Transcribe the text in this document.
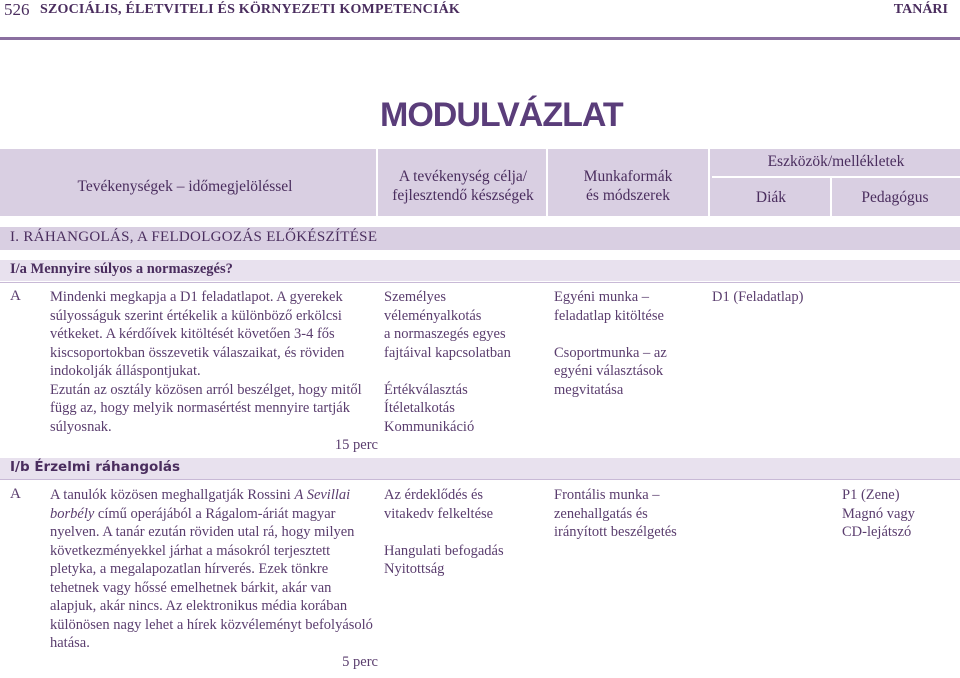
526 SZOCIÁLIS, ÉLETVITELI ÉS KÖRNYEZETI KOMPETENCIÁK	TANÁRI
MODULVÁZLAT
Tevékenységek – időmegjelöléssel
A tevékenység célja/
fejlesztendő készségek
Munkaformák
és módszerek
Eszközök/mellékletek
Diák	Pedagógus
I. RÁHANGOLÁS, A FELDOLGOZÁS ELŐKÉSZÍTÉSE
I/a Mennyire súlyos a normaszegés?
A Mindenki megkapja a D1 feladatlapot. A gyerekek súlyosságuk szerint értékelik a különböző erkölcsi vétkeket. A kérdőívek kitöltését követően 3-4 fős kiscsoportokban összevetik válaszaikat, és röviden indokolják álláspontjukat.

Ezután az osztály közösen arról beszélget, hogy mitől függ az, hogy melyik normasértést mennyire tartják súlyosnak.

15 perc
Személyes
véleményalkotás
a normaszegés egyes
fajtáival kapcsolatban
Értékválasztás
Ítéletalkotás
Kommunikáció
Egyéni munka –
feladatlap kitöltése
Csoportmunka – az
egyéni választások
megvitatása
D1 (Feladatlap)
I/b Érzelmi ráhangolás
A A tanulók közösen meghallgatják Rossini A Sevillai borbély című operájából a Rágalom-áriát magyar nyelven. A tanár ezután röviden utal rá, hogy milyen következményekkel járhat a másokról terjesztett pletyka, a megalapozatlan hírverés. Ezek tönkre tehetnek vagy hőssé emelhetnek bárkit, akár van alapjuk, akár nincs. Az elektronikus média korában különösen nagy lehet a hírek közvéleményt befolyásoló hatása.

5 perc
Az érdeklődés és
vitakedv felkeltése
Hangulati befogadás
Nyitottság
Frontális munka –
zenehallgatás és
irányított beszélgetés
P1 (Zene)
Magnó vagy
CD-lejátszó
